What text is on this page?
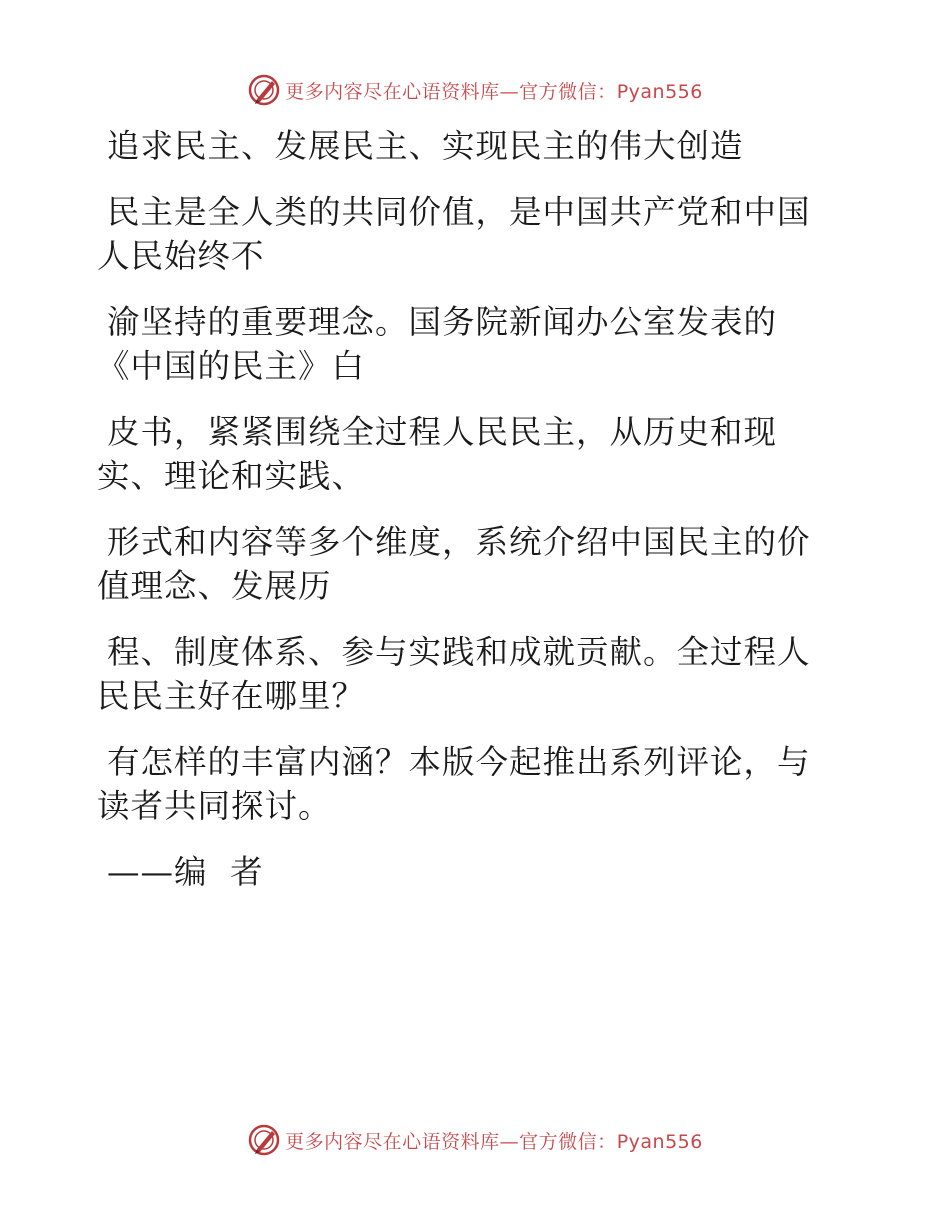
更多内容尽在心语资料库—官方微信：Pyan556
追求民主、发展民主、实现民主的伟大创造
民主是全人类的共同价值，是中国共产党和中国
人民始终不
渝坚持的重要理念。国务院新闻办公室发表的
《中国的民主》白
皮书，紧紧围绕全过程人民民主，从历史和现
实、理论和实践、
形式和内容等多个维度，系统介绍中国民主的价
值理念、发展历
程、制度体系、参与实践和成就贡献。全过程人
民民主好在哪里？
有怎样的丰富内涵？本版今起推出系列评论，与
读者共同探讨。
——编  者
更多内容尽在心语资料库—官方微信：Pyan556
